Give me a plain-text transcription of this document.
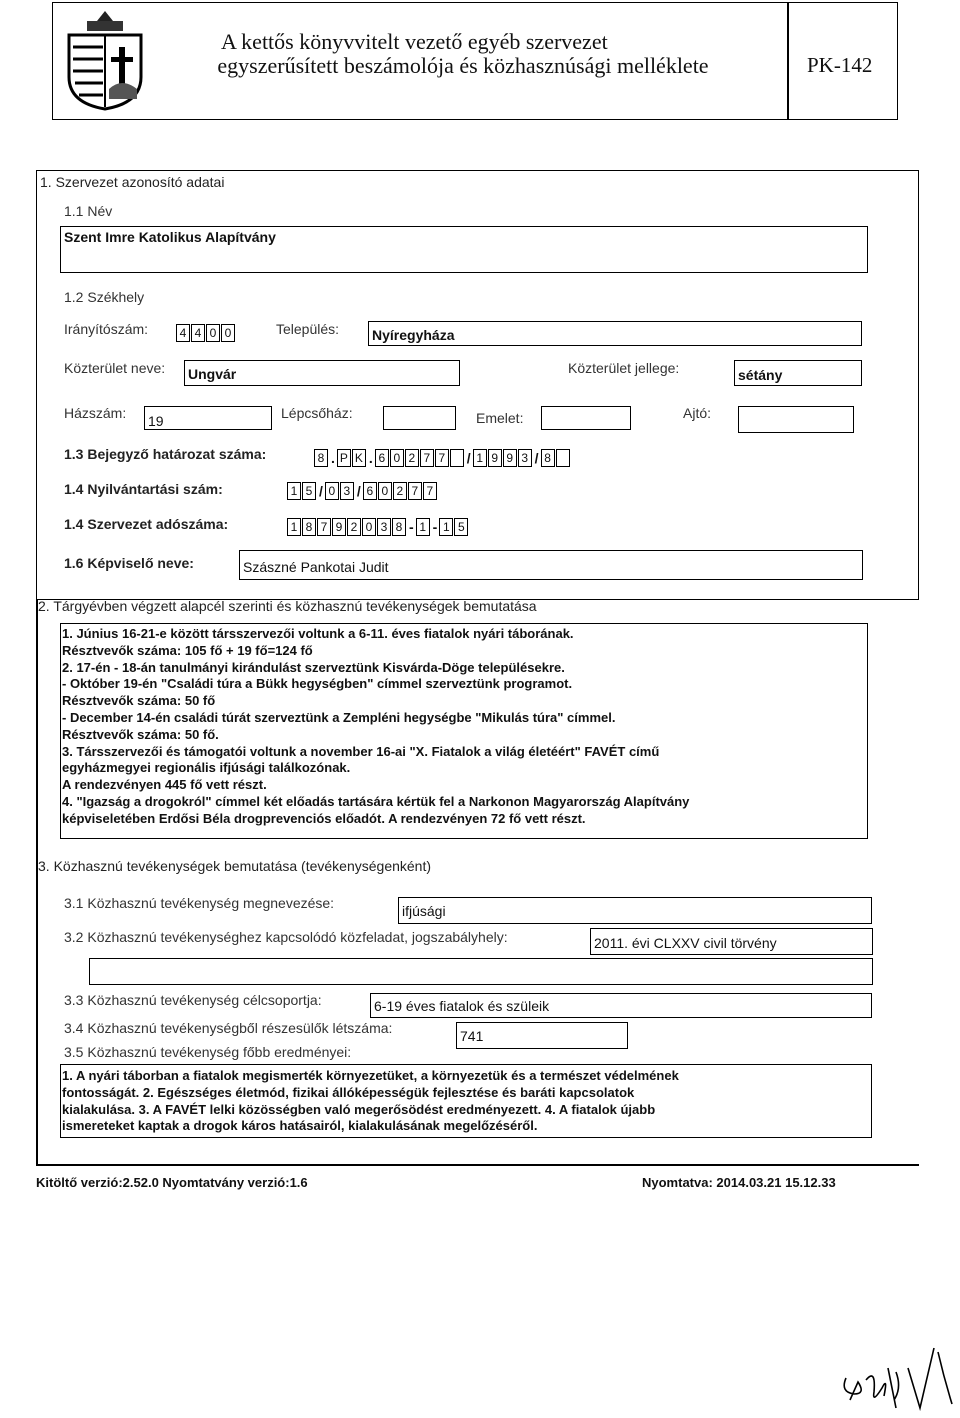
A kettős könyvvitelt vezető egyéb szervezet
egyszerűsített beszámolója és közhasznúsági melléklete	PK-142
1. Szervezet azonosító adatai
1.1 Név
Szent Imre Katolikus Alapítvány
1.2 Székhely
Irányítószám:	4 4 0 0	Település: Nyíregyháza
Közterület neve: Ungvár	Közterület jellege:	sétány
Házszám: 19	Lépcsőház:	Emelet:	Ajtó:
1.3 Bejegyző határozat száma:	8 . P K . 6 0 2 7 7 / 1 9 9 3 / 8
1.4 Nyilvántartási szám:	1 5 / 0 3 / 6 0 2 7 7
1.4 Szervezet adószáma:	1 8 7 9 2 0 3 8 - 1 - 1 5
1.6 Képviselő neve:	Szászné Pankotai Judit
2. Tárgyévben végzett alapcél szerinti és közhasznú tevékenységek bemutatása
1. Június 16-21-e között társszervezői voltunk a 6-11. éves fiatalok nyári táborának.
Résztvevők száma: 105 fő + 19 fő=124 fő
2. 17-én - 18-án tanulmányi kirándulást szerveztünk Kisvárda-Döge településekre.
- Október 19-én "Családi túra a Bükk hegységben" címmel szerveztünk programot.
Résztvevők száma: 50 fő
- December 14-én családi túrát szerveztünk a Zempléni hegységbe "Mikulás túra" címmel.
Résztvevők száma: 50 fő.
3. Társszervezői és támogatói voltunk a november 16-ai "X. Fiatalok a világ életéért" FAVÉT című
egyházmegyei regionális ifjúsági találkozónak.
A rendezvényen 445 fő vett részt.
4. "Igazság a drogokról" címmel két előadás tartására kértük fel a Narkonon Magyarország Alapítvány
képviseletében Erdősi Béla drogprevenciós előadót. A rendezvényen 72 fő vett részt.
3. Közhasznú tevékenységek bemutatása (tevékenységenként)
3.1 Közhasznú tevékenység megnevezése:	ifjúsági
3.2 Közhasznú tevékenységhez kapcsolódó közfeladat, jogszabályhely:	2011. évi CLXXV civil törvény
3.3 Közhasznú tevékenység célcsoportja:	6-19 éves fiatalok és szüleik
3.4 Közhasznú tevékenységből részesülők létszáma:	741
3.5 Közhasznú tevékenység főbb eredményei:
1. A nyári táborban a fiatalok megismerték környezetüket, a környezetük és a természet védelmének
fontosságát. 2. Egészséges életmód, fizikai állóképességük fejlesztése és baráti kapcsolatok
kialakulása. 3. A FAVÉT lelki közösségben való megerősödést eredményezett. 4. A fiatalok újabb
ismereteket kaptak a drogok káros hatásairól, kialakulásának megelőzéséről.
Kitöltő verzió:2.52.0 Nyomtatvány verzió:1.6	Nyomtatva: 2014.03.21 15.12.33
